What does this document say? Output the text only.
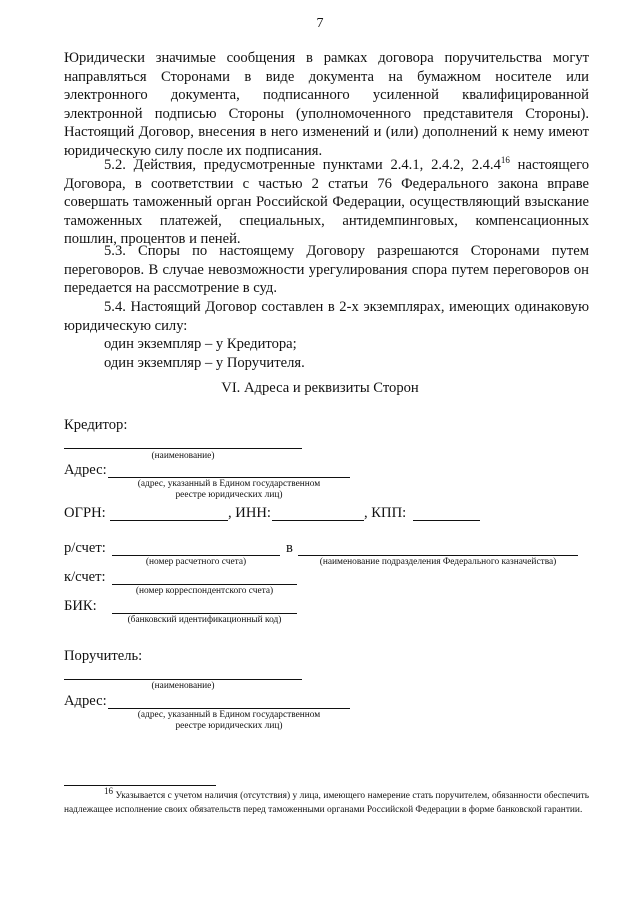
7
Юридически значимые сообщения в рамках договора поручительства могут направляться Сторонами в виде документа на бумажном носителе или электронного документа, подписанного усиленной квалифицированной электронной подписью Стороны (уполномоченного представителя Стороны). Настоящий Договор, внесения в него изменений и (или) дополнений к нему имеют юридическую силу после их подписания.
5.2. Действия, предусмотренные пунктами 2.4.1, 2.4.2, 2.4.4$^{16}$ настоящего Договора, в соответствии с частью 2 статьи 76 Федерального закона вправе совершать таможенный орган Российской Федерации, осуществляющий взыскание таможенных платежей, специальных, антидемпинговых, компенсационных пошлин, процентов и пеней.
5.3. Споры по настоящему Договору разрешаются Сторонами путем переговоров. В случае невозможности урегулирования спора путем переговоров он передается на рассмотрение в суд.
5.4. Настоящий Договор составлен в 2-х экземплярах, имеющих одинаковую юридическую силу:
один экземпляр – у Кредитора;
один экземпляр – у Поручителя.
VI. Адреса и реквизиты Сторон
Кредитор:
(наименование)
Адрес:
(адрес, указанный в Едином государственном
реестре юридических лиц)
ОГРН:	, ИНН:	, КПП:
р/счет:	в
(номер расчетного счета)	(наименование подразделения Федерального казначейства)
к/счет:
(номер корреспондентского счета)
БИК:
(банковский идентификационный код)
Поручитель:
(наименование)
Адрес:
(адрес, указанный в Едином государственном
реестре юридических лиц)
$^{16}$ Указывается с учетом наличия (отсутствия) у лица, имеющего намерение стать поручителем, обязанности обеспечить надлежащее исполнение своих обязательств перед таможенными органами Российской Федерации в форме банковской гарантии.
